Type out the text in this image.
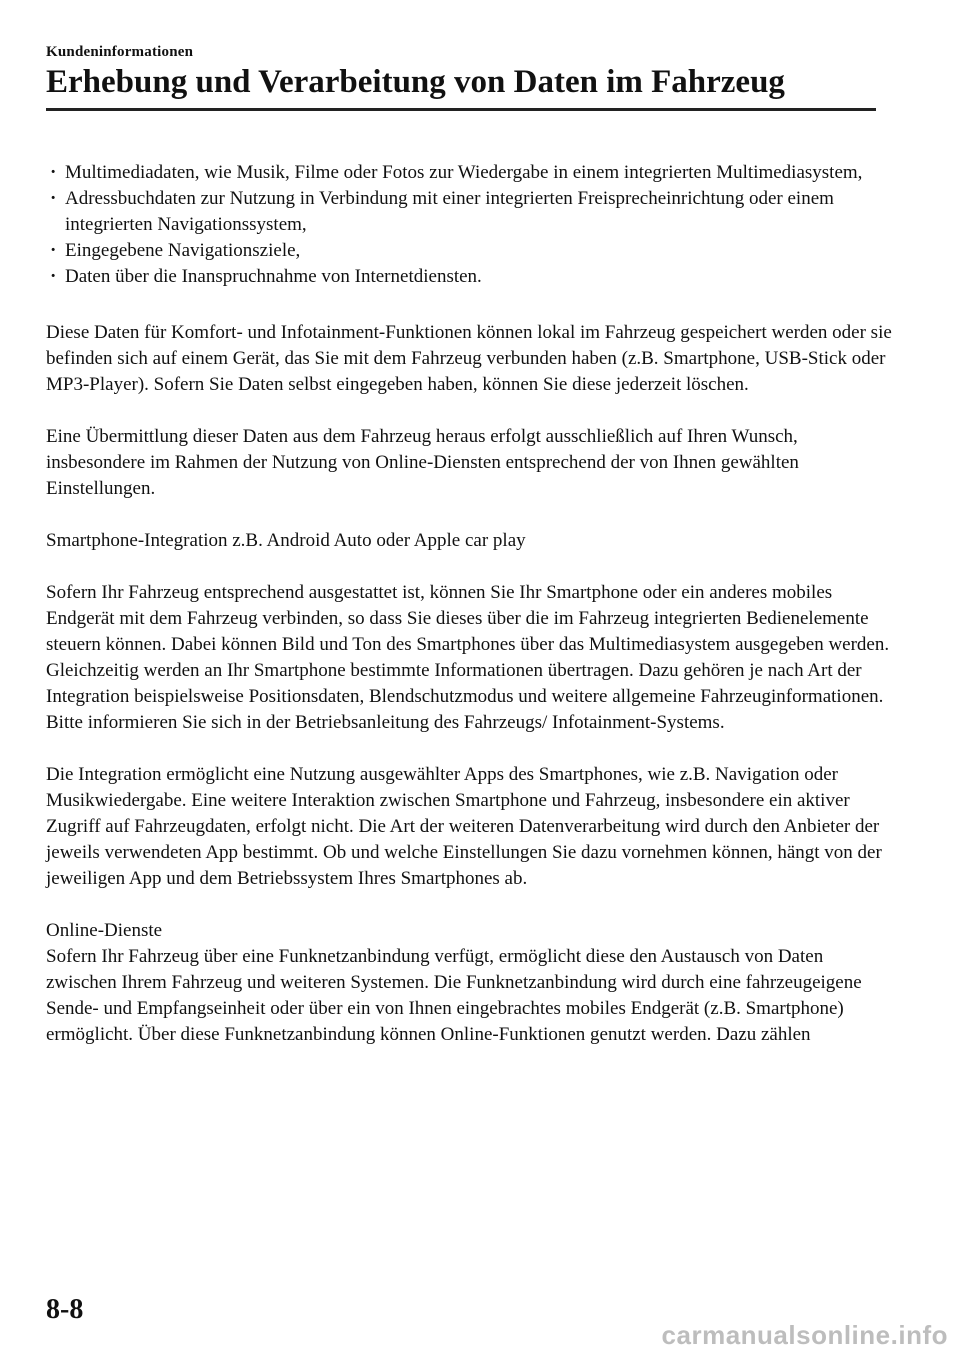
Kundeninformationen
Erhebung und Verarbeitung von Daten im Fahrzeug
· Multimediadaten, wie Musik, Filme oder Fotos zur Wiedergabe in einem integrierten Multimediasystem,
· Adressbuchdaten zur Nutzung in Verbindung mit einer integrierten Freisprecheinrichtung oder einem integrierten Navigationssystem,
· Eingegebene Navigationsziele,
· Daten über die Inanspruchnahme von Internetdiensten.

Diese Daten für Komfort- und Infotainment-Funktionen können lokal im Fahrzeug gespeichert werden oder sie befinden sich auf einem Gerät, das Sie mit dem Fahrzeug verbunden haben (z.B. Smartphone, USB-Stick oder MP3-Player). Sofern Sie Daten selbst eingegeben haben, können Sie diese jederzeit löschen.

Eine Übermittlung dieser Daten aus dem Fahrzeug heraus erfolgt ausschließlich auf Ihren Wunsch, insbesondere im Rahmen der Nutzung von Online-Diensten entsprechend der von Ihnen gewählten Einstellungen.

Smartphone-Integration z.B. Android Auto oder Apple car play

Sofern Ihr Fahrzeug entsprechend ausgestattet ist, können Sie Ihr Smartphone oder ein anderes mobiles Endgerät mit dem Fahrzeug verbinden, so dass Sie dieses über die im Fahrzeug integrierten Bedienelemente steuern können. Dabei können Bild und Ton des Smartphones über das Multimediasystem ausgegeben werden. Gleichzeitig werden an Ihr Smartphone bestimmte Informationen übertragen. Dazu gehören je nach Art der Integration beispielsweise Positionsdaten, Blendschutzmodus und weitere allgemeine Fahrzeuginformationen. Bitte informieren Sie sich in der Betriebsanleitung des Fahrzeugs/ Infotainment-Systems.

Die Integration ermöglicht eine Nutzung ausgewählter Apps des Smartphones, wie z.B. Navigation oder Musikwiedergabe. Eine weitere Interaktion zwischen Smartphone und Fahrzeug, insbesondere ein aktiver Zugriff auf Fahrzeugdaten, erfolgt nicht. Die Art der weiteren Datenverarbeitung wird durch den Anbieter der jeweils verwendeten App bestimmt. Ob und welche Einstellungen Sie dazu vornehmen können, hängt von der jeweiligen App und dem Betriebssystem Ihres Smartphones ab.

Online-Dienste

Sofern Ihr Fahrzeug über eine Funknetzanbindung verfügt, ermöglicht diese den Austausch von Daten zwischen Ihrem Fahrzeug und weiteren Systemen. Die Funknetzanbindung wird durch eine fahrzeugeigene Sende- und Empfangseinheit oder über ein von Ihnen eingebrachtes mobiles Endgerät (z.B. Smartphone) ermöglicht. Über diese Funknetzanbindung können Online-Funktionen genutzt werden. Dazu zählen

8-8
carmanualsonline.info
